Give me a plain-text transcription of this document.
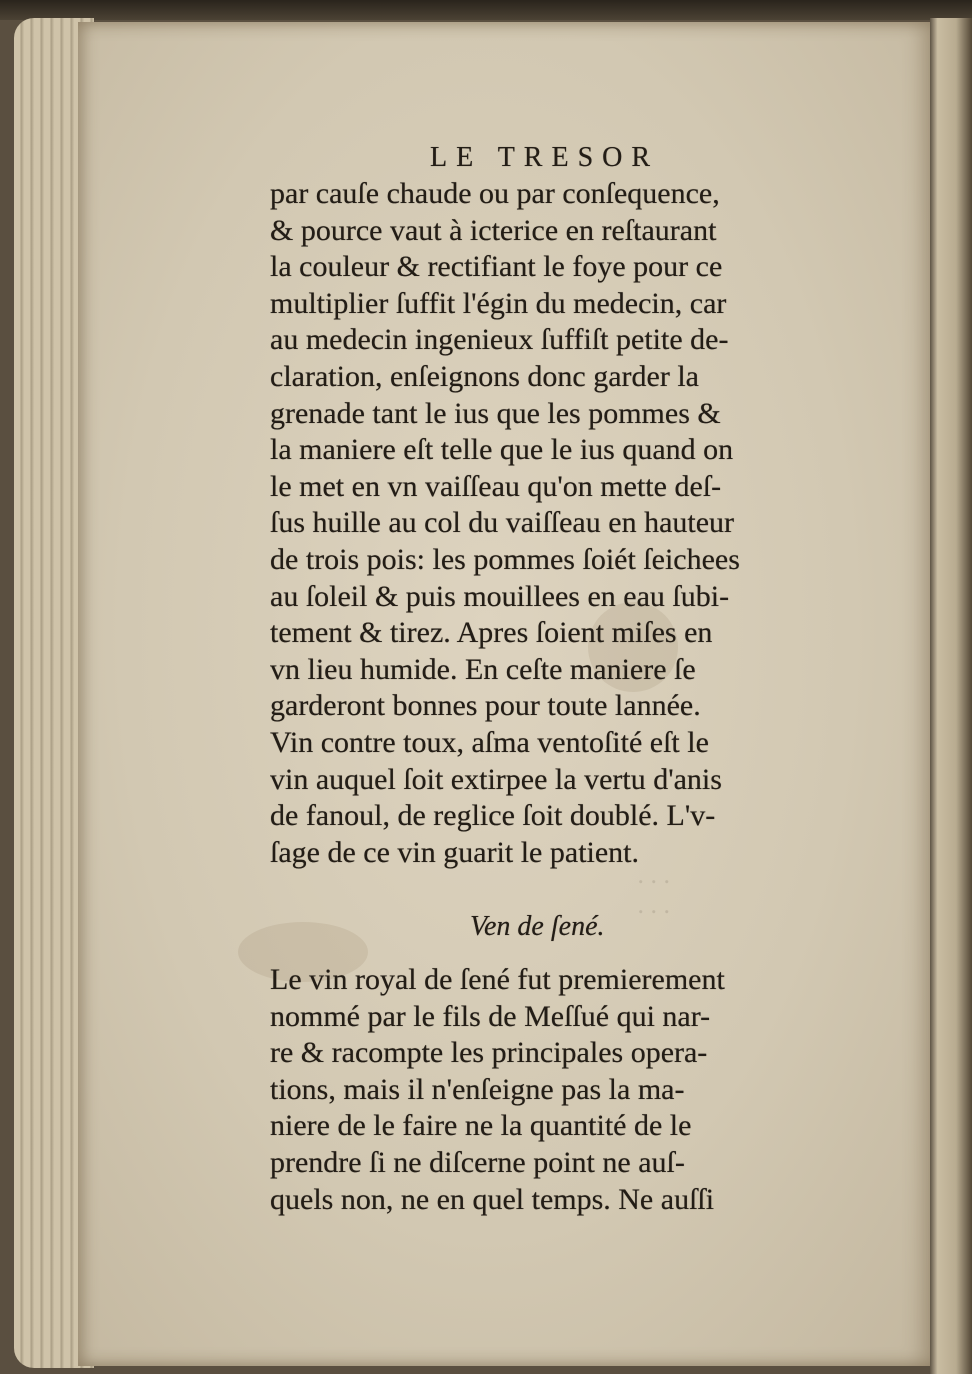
LE TRESOR
par cauſe chaude ou par conſequence,
& pource vaut à icterice en reſtaurant
la couleur & rectifiant le foye pour ce
multiplier ſuffit l'égin du medecin, car
au medecin ingenieux ſuffiſt petite de-
claration, enſeignons donc garder la
grenade tant le ius que les pommes &
la maniere eſt telle que le ius quand on
le met en vn vaiſſeau qu'on mette deſ-
ſus huille au col du vaiſſeau en hauteur
de trois pois: les pommes ſoiét ſeichees
au ſoleil & puis mouillees en eau ſubi-
tement & tirez. Apres ſoient miſes en
vn lieu humide. En ceſte maniere ſe
garderont bonnes pour toute lannée.
Vin contre toux, aſma ventoſité eſt le
vin auquel ſoit extirpee la vertu d'anis
de fanoul, de reglice ſoit doublé. L'v-
ſage de ce vin guarit le patient.
Ven de ſené.
Le vin royal de ſené fut premierement
nommé par le fils de Meſſué qui nar-
re & racompte les principales opera-
tions, mais il n'enſeigne pas la ma-
niere de le faire ne la quantité de le
prendre ſi ne diſcerne point ne auſ-
quels non, ne en quel temps. Ne auſſi
